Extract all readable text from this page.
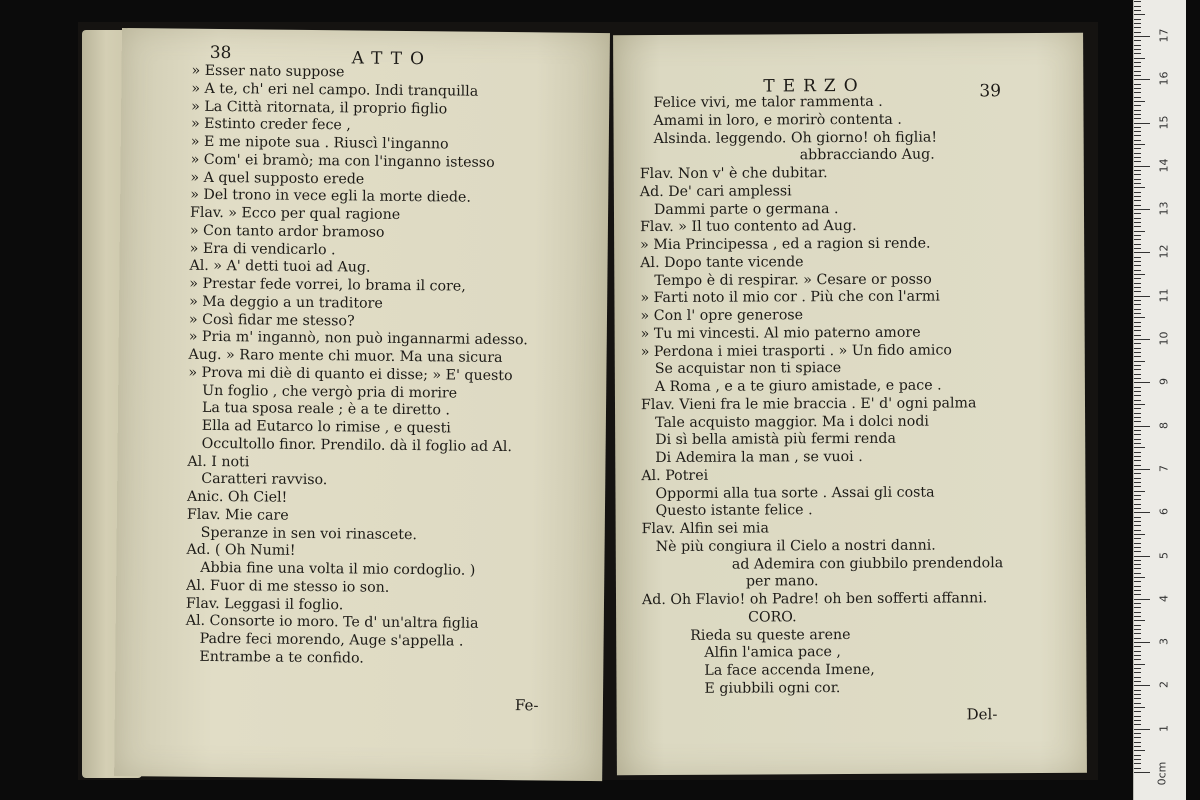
38	ATTO
» Esser nato suppose
» A te, ch' eri nel campo. Indi tranquilla
» La Città ritornata, il proprio figlio
» Estinto creder fece ,
» E me nipote sua . Riuscì l'inganno
» Com' ei bramò; ma con l'inganno istesso
» A quel supposto erede
» Del trono in vece egli la morte diede.
Flav. » Ecco per qual ragione
» Con tanto ardor bramoso
» Era di vendicarlo .
Al. » A' detti tuoi ad Aug.
» Prestar fede vorrei, lo brama il core,
» Ma deggio a un traditore
» Così fidar me stesso?
» Pria m' ingannò, non può ingannarmi adesso.
Aug. » Raro mente chi muor. Ma una sicura
» Prova mi diè di quanto ei disse; » E' questo
Un foglio , che vergò pria di morire
La tua sposa reale ; è a te diretto .
Ella ad Eutarco lo rimise , e questi
Occultollo finor. Prendilo. dà il foglio ad Al.
Al. I noti
Caratteri ravviso.
Anic. Oh Ciel!
Flav. Mie care
Speranze in sen voi rinascete.
Ad. ( Oh Numi!
Abbia fine una volta il mio cordoglio. )
Al. Fuor di me stesso io son.
Flav. Leggasi il foglio.
Al. Consorte io moro. Te d' un'altra figlia
Padre feci morendo, Auge s'appella .
Entrambe a te confido.
Fe-
TERZO	39
Felice vivi, me talor rammenta .
Amami in loro, e morirò contenta .
Alsinda. leggendo. Oh giorno! oh figlia!
abbracciando Aug.
Flav. Non v' è che dubitar.
Ad. De' cari amplessi
Dammi parte o germana .
Flav. » Il tuo contento ad Aug.
» Mia Principessa , ed a ragion si rende.
Al. Dopo tante vicende
Tempo è di respirar. » Cesare or posso
» Farti noto il mio cor . Più che con l'armi
» Con l' opre generose
» Tu mi vincesti. Al mio paterno amore
» Perdona i miei trasporti . » Un fido amico
Se acquistar non ti spiace
A Roma , e a te giuro amistade, e pace .
Flav. Vieni fra le mie braccia . E' d' ogni palma
Tale acquisto maggior. Ma i dolci nodi
Di sì bella amistà più fermi renda
Di Ademira la man , se vuoi .
Al. Potrei
Oppormi alla tua sorte . Assai gli costa
Questo istante felice .
Flav. Alfin sei mia
Nè più congiura il Cielo a nostri danni.
ad Ademira con giubbilo prendendola
per mano.
Ad. Oh Flavio! oh Padre! oh ben sofferti affanni.
CORO.
Rieda su queste arene
Alfin l'amica pace ,
La face accenda Imene,
E giubbili ogni cor.
Del-
0cm
1
2
3
4
5
6
7
8
9
10
11
12
13
14
15
16
17
